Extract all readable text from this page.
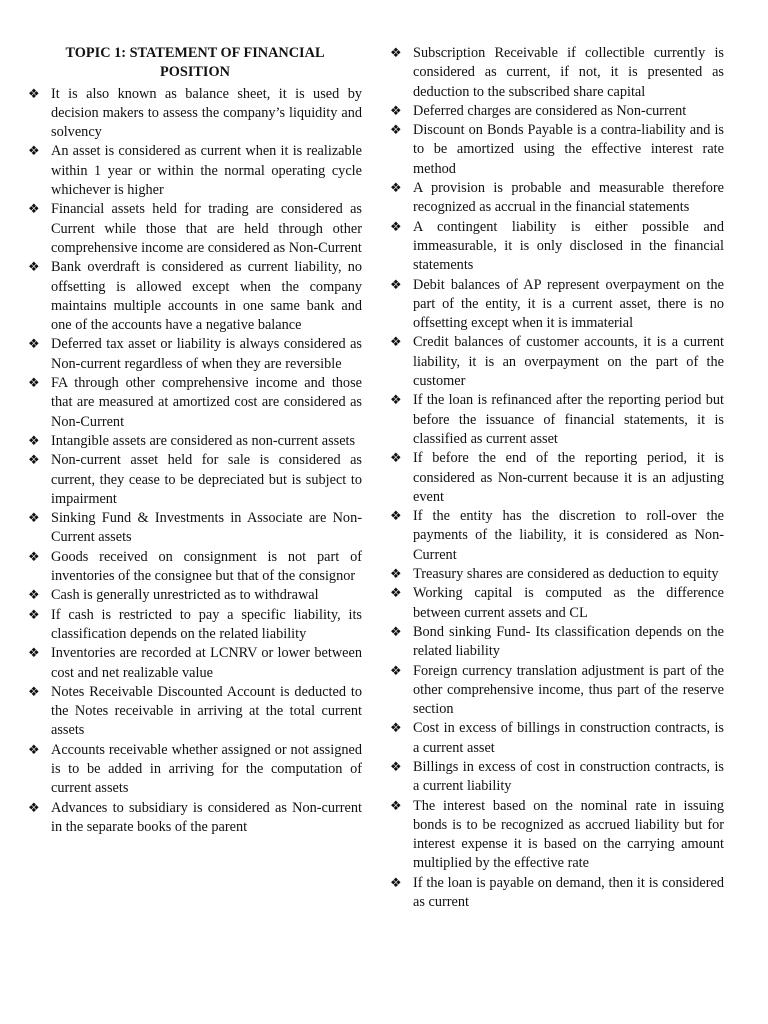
TOPIC 1: STATEMENT OF FINANCIAL POSITION
❖ It is also known as balance sheet, it is used by decision makers to assess the company’s liquidity and solvency
❖ An asset is considered as current when it is realizable within 1 year or within the normal operating cycle whichever is higher
❖ Financial assets held for trading are considered as Current while those that are held through other comprehensive income are considered as Non-Current
❖ Bank overdraft is considered as current liability, no offsetting is allowed except when the company maintains multiple accounts in one same bank and one of the accounts have a negative balance
❖ Deferred tax asset or liability is always considered as Non-current regardless of when they are reversible
❖ FA through other comprehensive income and those that are measured at amortized cost are considered as Non-Current
❖ Intangible assets are considered as non-current assets
❖ Non-current asset held for sale is considered as current, they cease to be depreciated but is subject to impairment
❖ Sinking Fund & Investments in Associate are Non-Current assets
❖ Goods received on consignment is not part of inventories of the consignee but that of the consignor
❖ Cash is generally unrestricted as to withdrawal
❖ If cash is restricted to pay a specific liability, its classification depends on the related liability
❖ Inventories are recorded at LCNRV or lower between cost and net realizable value
❖ Notes Receivable Discounted Account is deducted to the Notes receivable in arriving at the total current assets
❖ Accounts receivable whether assigned or not assigned is to be added in arriving for the computation of current assets
❖ Advances to subsidiary is considered as Non-current in the separate books of the parent
❖ Subscription Receivable if collectible currently is considered as current, if not, it is presented as deduction to the subscribed share capital
❖ Deferred charges are considered as Non-current
❖ Discount on Bonds Payable is a contra-liability and is to be amortized using the effective interest rate method
❖ A provision is probable and measurable therefore recognized as accrual in the financial statements
❖ A contingent liability is either possible and immeasurable, it is only disclosed in the financial statements
❖ Debit balances of AP represent overpayment on the part of the entity, it is a current asset, there is no offsetting except when it is immaterial
❖ Credit balances of customer accounts, it is a current liability, it is an overpayment on the part of the customer
❖ If the loan is refinanced after the reporting period but before the issuance of financial statements, it is classified as current asset
❖ If before the end of the reporting period, it is considered as Non-current because it is an adjusting event
❖ If the entity has the discretion to roll-over the payments of the liability, it is considered as Non-Current
❖ Treasury shares are considered as deduction to equity
❖ Working capital is computed as the difference between current assets and CL
❖ Bond sinking Fund- Its classification depends on the related liability
❖ Foreign currency translation adjustment is part of the other comprehensive income, thus part of the reserve section
❖ Cost in excess of billings in construction contracts, is a current asset
❖ Billings in excess of cost in construction contracts, is a current liability
❖ The interest based on the nominal rate in issuing bonds is to be recognized as accrued liability but for interest expense it is based on the carrying amount multiplied by the effective rate
❖ If the loan is payable on demand, then it is considered as current
